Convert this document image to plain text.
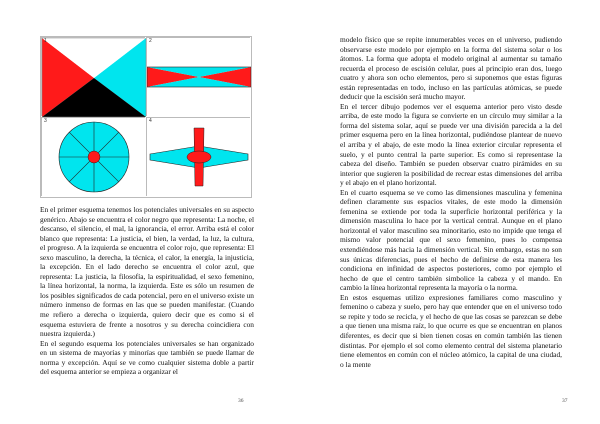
1	2
3	4

En el primer esquema tenemos los potenciales universales en su aspecto genérico. Abajo se encuentra el color negro que representa: La noche, el descanso, el silencio, el mal, la ignorancia, el error. Arriba está el color blanco que representa: La justicia, el bien, la verdad, la luz, la cultura, el progreso. A la izquierda se encuentra el color rojo, que representa: El sexo masculino, la derecha, la técnica, el calor, la energía, la injusticia, la excepción. En el lado derecho se encuentra el color azul, que representa: La justicia, la filosofía, la espiritualidad, el sexo femenino, la línea horizontal, la norma, la izquierda. Este es sólo un resumen de los posibles significados de cada potencial, pero en el universo existe un número inmenso de formas en las que se pueden manifestar. (Cuando me refiero a derecha o izquierda, quiero decir que es como si el esquema estuviera de frente a nosotros y su derecha coincidiera con nuestra izquierda.)

En el segundo esquema los potenciales universales se han organizado en un sistema de mayorías y minorías que también se puede llamar de norma y excepción. Aquí se ve como cualquier sistema doble a partir del esquema anterior se empieza a organizar el

36

modelo físico que se repite innumerables veces en el universo, pudiendo observarse este modelo por ejemplo en la forma del sistema solar o los átomos. La forma que adopta el modelo original al aumentar su tamaño recuerda el proceso de escisión celular, pues al principio eran dos, luego cuatro y ahora son ocho elementos, pero si suponemos que estas figuras están representadas en todo, incluso en las partículas atómicas, se puede deducir que la escisión será mucho mayor.

En el tercer dibujo podemos ver el esquema anterior pero visto desde arriba, de este modo la figura se convierte en un círculo muy similar a la forma del sistema solar, aquí se puede ver una división parecida a la del primer esquema pero en la línea horizontal, pudiéndose plantear de nuevo el arriba y el abajo, de este modo la línea exterior circular representa el suelo, y el punto central la parte superior. Es como si representase la cabeza del diseño. También se pueden observar cuatro pirámides en su interior que sugieren la posibilidad de recrear estas dimensiones del arriba y el abajo en el plano horizontal.

En el cuarto esquema se ve como las dimensiones masculina y femenina definen claramente sus espacios vitales, de este modo la dimensión femenina se extiende por toda la superficie horizontal periférica y la dimensión masculina lo hace por la vertical central. Aunque en el plano horizontal el valor masculino sea minoritario, esto no impide que tenga el mismo valor potencial que el sexo femenino, pues lo compensa extendiéndose más hacia la dimensión vertical. Sin embargo, estas no son sus únicas diferencias, pues el hecho de definirse de esta manera les condiciona en infinidad de aspectos posteriores, como por ejemplo el hecho de que el centro también simbolice la cabeza y el mando. En cambio la línea horizontal representa la mayoría o la norma.

En estos esquemas utilizo expresiones familiares como masculino y femenino o cabeza y suelo, pero hay que entender que en el universo todo se repite y todo se recicla, y el hecho de que las cosas se parezcan se debe a que tienen una misma raíz, lo que ocurre es que se encuentran en planos diferentes, es decir que si bien tienen cosas en común también las tienen distintas. Por ejemplo el sol como elemento central del sistema planetario tiene elementos en común con el núcleo atómico, la capital de una ciudad, o la mente

37
